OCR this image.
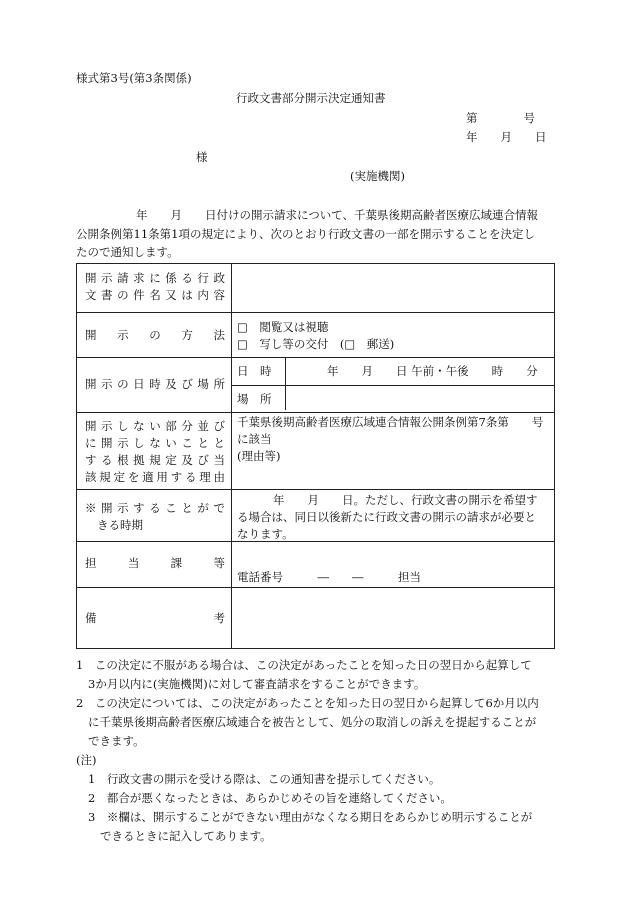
様式第3号(第3条関係)
行政文書部分開示決定通知書
第　　　　号
年　　月　　日
様
(実施機関)
年　　月　　日付けの開示請求について、千葉県後期高齢者医療広域連合情報
公開条例第11条第1項の規定により、次のとおり行政文書の一部を開示することを決定し
たので通知します。
開示請求に係る行政
文書の件名又は内容
開示の方法
□　閲覧又は視聴
□　写し等の交付　(□　郵送)
開示の日時及び場所
日　時	年　　月　　日 午前・午後　　時　　分
場　所
開示しない部分並び
に開示しないことと
する根拠規定及び当
該規定を適用する理由
千葉県後期高齢者医療広域連合情報公開条例第7条第　　号
に該当
(理由等)
※開示することがで
きる時期
年　　月　　日。ただし、行政文書の開示を希望す
る場合は、同日以後新たに行政文書の開示の請求が必要と
なります。
担当課等
電話番号　　　―　　―　　　担当
備考
1　この決定に不服がある場合は、この決定があったことを知った日の翌日から起算して
3か月以内に(実施機関)に対して審査請求をすることができます。
2　この決定については、この決定があったことを知った日の翌日から起算して6か月以内
に千葉県後期高齢者医療広域連合を被告として、処分の取消しの訴えを提起することが
できます。
(注)
1　行政文書の開示を受ける際は、この通知書を提示してください。
2　都合が悪くなったときは、あらかじめその旨を連絡してください。
3　※欄は、開示することができない理由がなくなる期日をあらかじめ明示することが
できるときに記入してあります。
